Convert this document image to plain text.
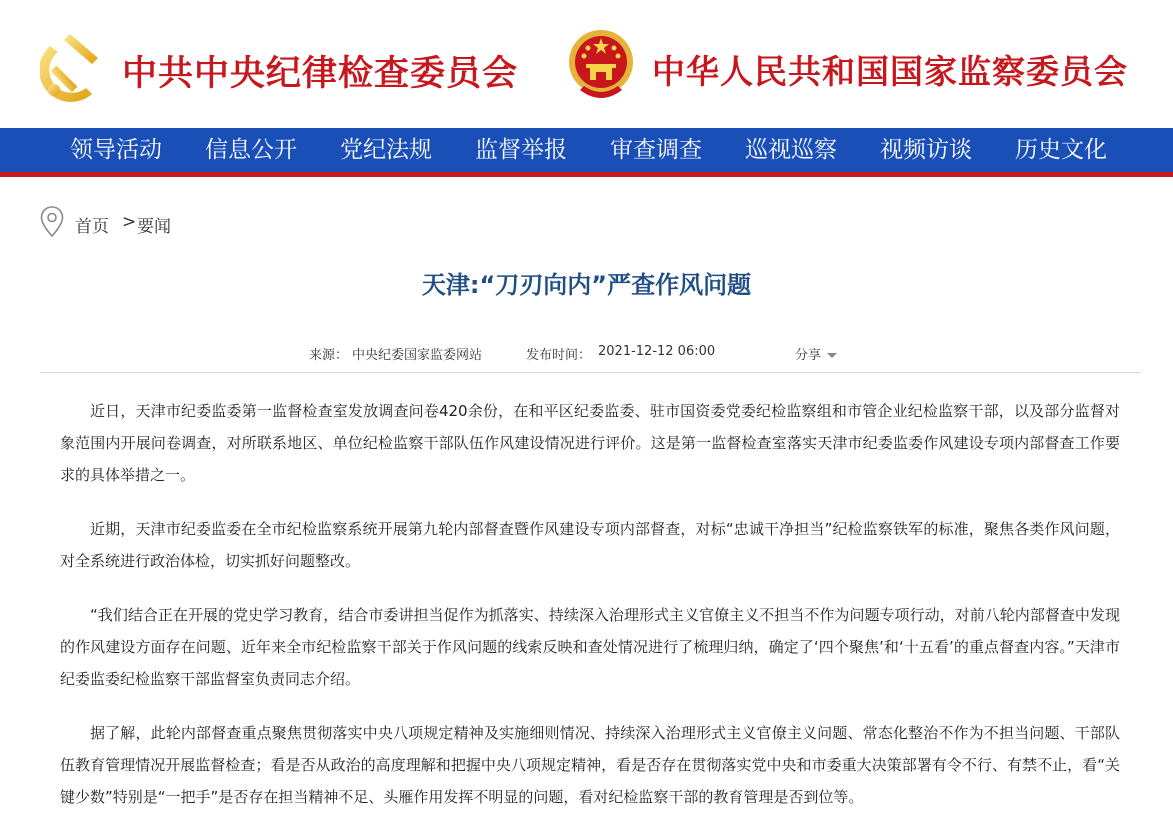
中共中央纪律检查委员会	中华人民共和国国家监察委员会
领导活动 信息公开 党纪法规 监督举报 审查调查 巡视巡察 视频访谈 历史文化
首页 > 要闻
天津:“刀刃向内”严查作风问题
来源： 中央纪委国家监委网站	发布时间： 2021-12-12 06:00	分享

近日，天津市纪委监委第一监督检查室发放调查问卷420余份，在和平区纪委监委、驻市国资委党委纪检监察组和市管企业纪检监察干部，以及部分监督对象范围内开展问卷调查，对所联系地区、单位纪检监察干部队伍作风建设情况进行评价。这是第一监督检查室落实天津市纪委监委作风建设专项内部督查工作要求的具体举措之一。

近期，天津市纪委监委在全市纪检监察系统开展第九轮内部督查暨作风建设专项内部督查，对标“忠诚干净担当”纪检监察铁军的标准，聚焦各类作风问题，对全系统进行政治体检，切实抓好问题整改。

“我们结合正在开展的党史学习教育，结合市委讲担当促作为抓落实、持续深入治理形式主义官僚主义不担当不作为问题专项行动，对前八轮内部督查中发现的作风建设方面存在问题、近年来全市纪检监察干部关于作风问题的线索反映和查处情况进行了梳理归纳，确定了‘四个聚焦’和‘十五看’的重点督查内容。”天津市纪委监委纪检监察干部监督室负责同志介绍。

据了解，此轮内部督查重点聚焦贯彻落实中央八项规定精神及实施细则情况、持续深入治理形式主义官僚主义问题、常态化整治不作为不担当问题、干部队伍教育管理情况开展监督检查；看是否从政治的高度理解和把握中央八项规定精神，看是否存在贯彻落实党中央和市委重大决策部署有令不行、有禁不止，看“关键少数”特别是“一把手”是否存在担当精神不足、头雁作用发挥不明显的问题，看对纪检监察干部的教育管理是否到位等。
